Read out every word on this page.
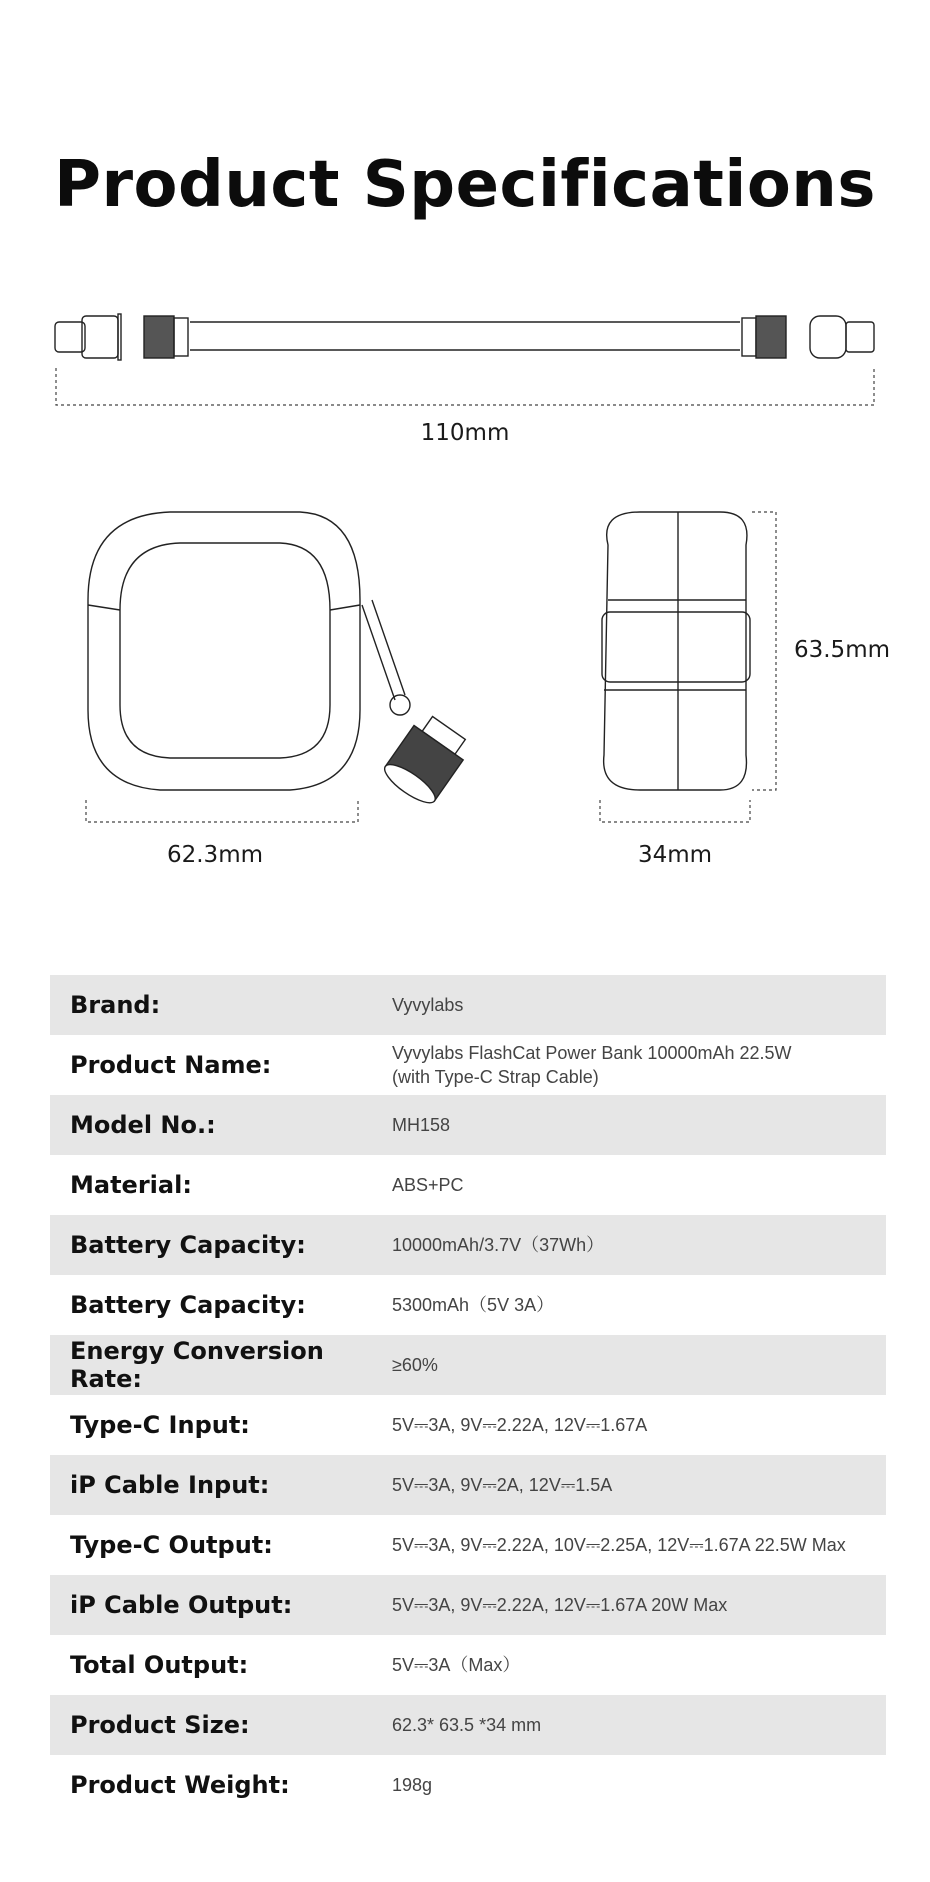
Product Specifications
110mm
62.3mm
63.5mm
34mm
Brand:	Vyvylabs
Product Name:	Vyvylabs FlashCat Power Bank 10000mAh 22.5W
(with Type-C Strap Cable)
Model No.:	MH158
Material:	ABS+PC
Battery Capacity:	10000mAh/3.7V（37Wh）
Battery Capacity:	5300mAh（5V 3A）
Energy Conversion Rate:	≥60%
Type-C Input:	5V⎓3A, 9V⎓2.22A, 12V⎓1.67A
iP Cable Input:	5V⎓3A, 9V⎓2A, 12V⎓1.5A
Type-C Output:	5V⎓3A, 9V⎓2.22A, 10V⎓2.25A, 12V⎓1.67A 22.5W Max
iP Cable Output:	5V⎓3A, 9V⎓2.22A, 12V⎓1.67A 20W Max
Total Output:	5V⎓3A（Max）
Product Size:	62.3* 63.5 *34 mm
Product Weight:	198g
